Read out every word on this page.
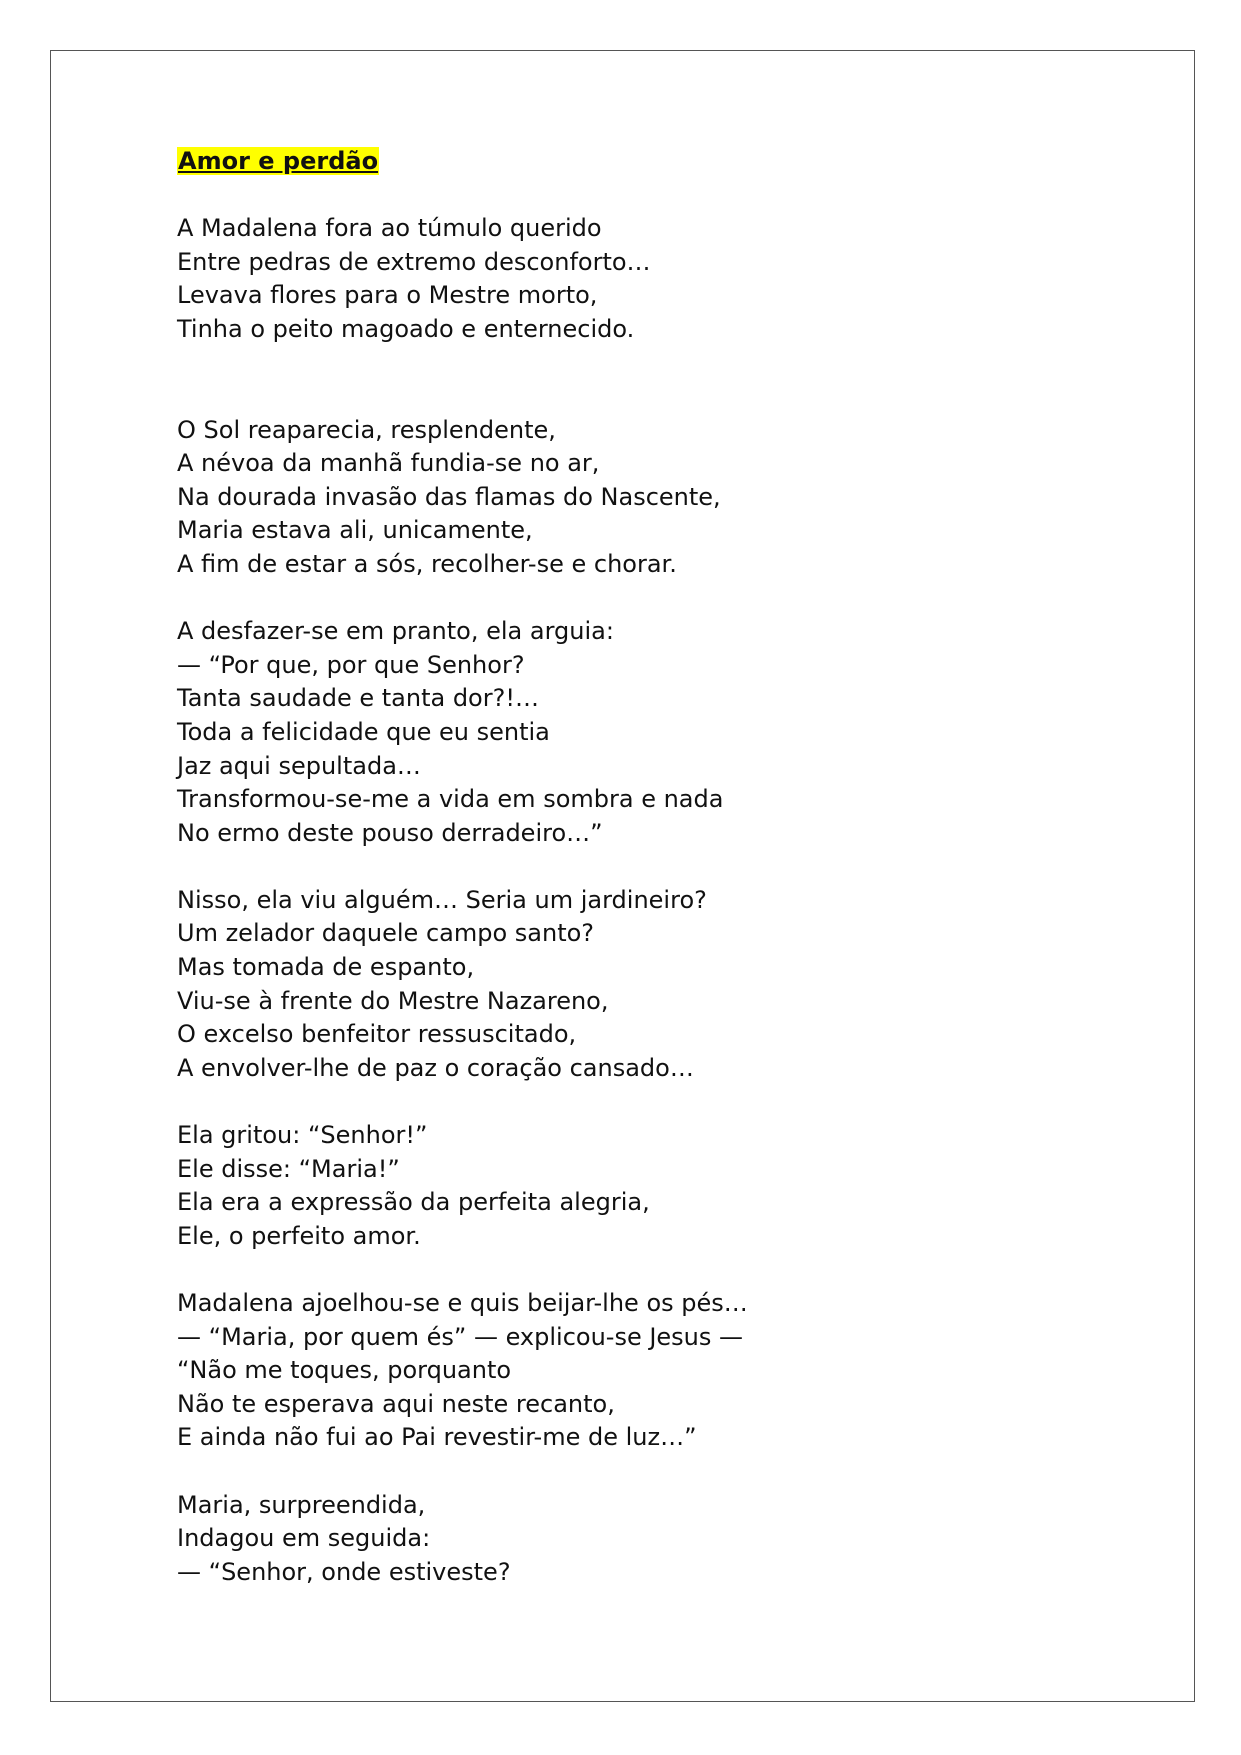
Amor e perdão
A Madalena fora ao túmulo querido
Entre pedras de extremo desconforto…
Levava flores para o Mestre morto,
Tinha o peito magoado e enternecido.
O Sol reaparecia, resplendente,
A névoa da manhã fundia-se no ar,
Na dourada invasão das flamas do Nascente,
Maria estava ali, unicamente,
A fim de estar a sós, recolher-se e chorar.
A desfazer-se em pranto, ela arguia:
— “Por que, por que Senhor?
Tanta saudade e tanta dor?!…
Toda a felicidade que eu sentia
Jaz aqui sepultada…
Transformou-se-me a vida em sombra e nada
No ermo deste pouso derradeiro…”
Nisso, ela viu alguém… Seria um jardineiro?
Um zelador daquele campo santo?
Mas tomada de espanto,
Viu-se à frente do Mestre Nazareno,
O excelso benfeitor ressuscitado,
A envolver-lhe de paz o coração cansado…
Ela gritou: “Senhor!”
Ele disse: “Maria!”
Ela era a expressão da perfeita alegria,
Ele, o perfeito amor.
Madalena ajoelhou-se e quis beijar-lhe os pés…
— “Maria, por quem és” — explicou-se Jesus —
“Não me toques, porquanto
Não te esperava aqui neste recanto,
E ainda não fui ao Pai revestir-me de luz…”
Maria, surpreendida,
Indagou em seguida:
— “Senhor, onde estiveste?
